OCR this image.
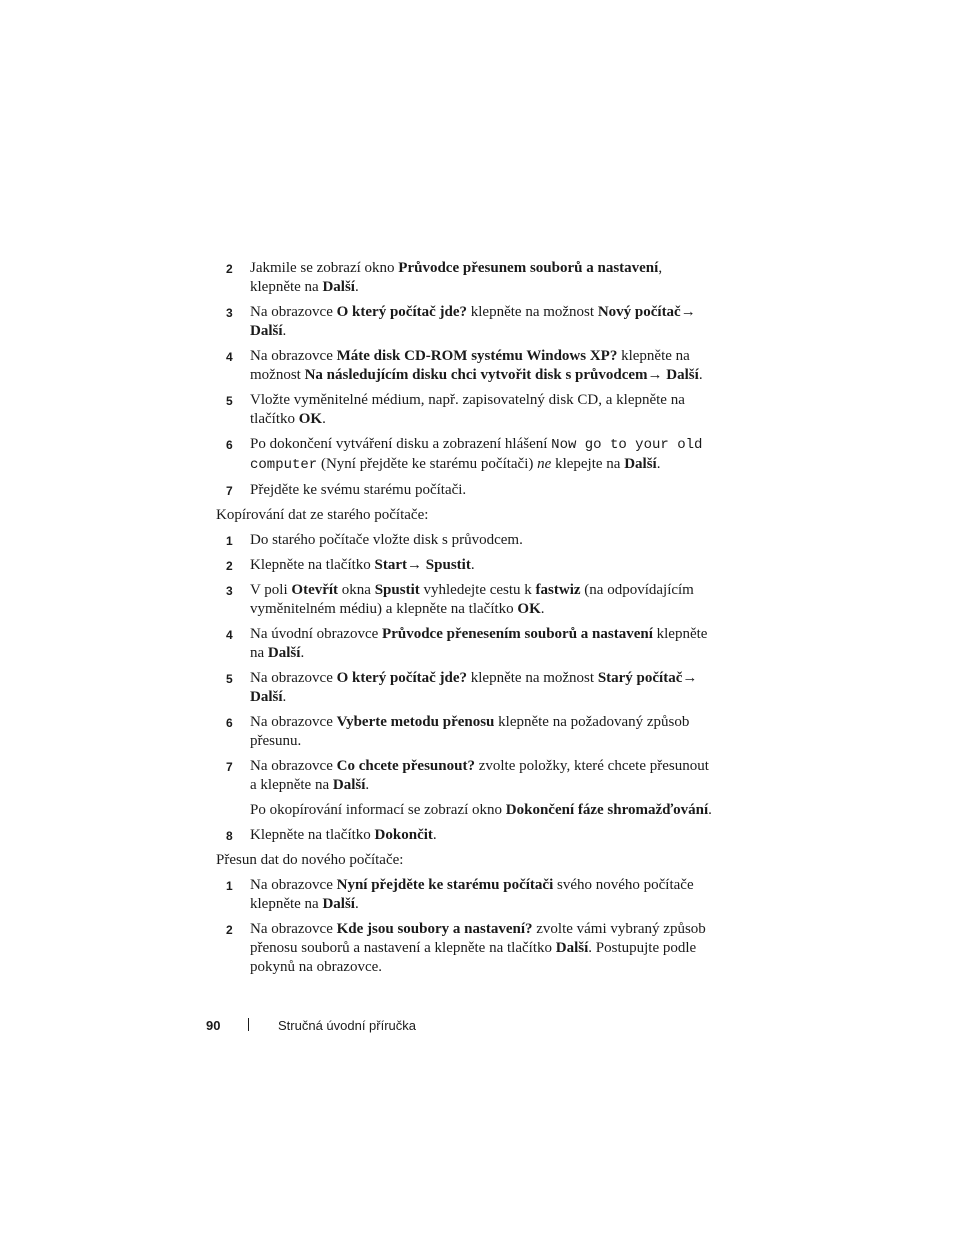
2 Jakmile se zobrazí okno Průvodce přesunem souborů a nastavení, klepněte na Další.
3 Na obrazovce O který počítač jde? klepněte na možnost Nový počítač→ Další.
4 Na obrazovce Máte disk CD-ROM systému Windows XP? klepněte na možnost Na následujícím disku chci vytvořit disk s průvodcem→ Další.
5 Vložte vyměnitelné médium, např. zapisovatelný disk CD, a klepněte na tlačítko OK.
6 Po dokončení vytváření disku a zobrazení hlášení Now go to your old computer (Nyní přejděte ke starému počítači) ne klepejte na Další.
7 Přejděte ke svému starému počítači.

Kopírování dat ze starého počítače:

1 Do starého počítače vložte disk s průvodcem.
2 Klepněte na tlačítko Start→ Spustit.
3 V poli Otevřít okna Spustit vyhledejte cestu k fastwiz (na odpovídajícím vyměnitelném médiu) a klepněte na tlačítko OK.
4 Na úvodní obrazovce Průvodce přenesením souborů a nastavení klepněte na Další.
5 Na obrazovce O který počítač jde? klepněte na možnost Starý počítač→ Další.
6 Na obrazovce Vyberte metodu přenosu klepněte na požadovaný způsob přesunu.
7 Na obrazovce Co chcete přesunout? zvolte položky, které chcete přesunout a klepněte na Další.

Po okopírování informací se zobrazí okno Dokončení fáze shromažďování.

8 Klepněte na tlačítko Dokončit.

Přesun dat do nového počítače:

1 Na obrazovce Nyní přejděte ke starému počítači svého nového počítače klepněte na Další.
2 Na obrazovce Kde jsou soubory a nastavení? zvolte vámi vybraný způsob přenosu souborů a nastavení a klepněte na tlačítko Další. Postupujte podle pokynů na obrazovce.
90	Stručná úvodní příručka
